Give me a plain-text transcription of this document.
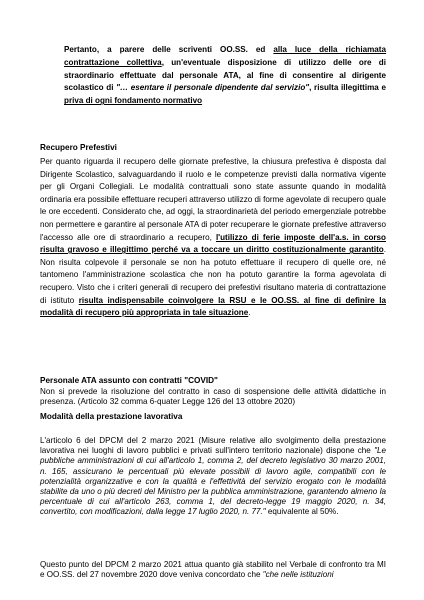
Pertanto, a parere delle scriventi OO.SS. ed alla luce della richiamata contrattazione collettiva, un'eventuale disposizione di utilizzo delle ore di straordinario effettuate dal personale ATA, al fine di consentire al dirigente scolastico di "… esentare il personale dipendente dal servizio", risulta illegittima e priva di ogni fondamento normativo

Recupero Prefestivi

Per quanto riguarda il recupero delle giornate prefestive, la chiusura prefestiva è disposta dal Dirigente Scolastico, salvaguardando il ruolo e le competenze previsti dalla normativa vigente per gli Organi Collegiali. Le modalità contrattuali sono state assunte quando in modalità ordinaria era possibile effettuare recuperi attraverso utilizzo di forme agevolate di recupero quale le ore eccedenti. Considerato che, ad oggi, la straordinarietà del periodo emergenziale potrebbe non permettere e garantire al personale ATA di poter recuperare le giornate prefestive attraverso l'accesso alle ore di straordinario a recupero, l'utilizzo di ferie imposte dell'a.s. in corso risulta gravoso e illegittimo perché va a toccare un diritto costituzionalmente garantito. Non risulta colpevole il personale se non ha potuto effettuare il recupero di quelle ore, né tantomeno l'amministrazione scolastica che non ha potuto garantire la forma agevolata di recupero. Visto che i criteri generali di recupero dei prefestivi risultano materia di contrattazione di istituto risulta indispensabile coinvolgere la RSU e le OO.SS. al fine di definire la modalità di recupero più appropriata in tale situazione.

Personale ATA assunto con contratti "COVID"

Non si prevede la risoluzione del contratto in caso di sospensione delle attività didattiche in presenza. (Articolo 32 comma 6-quater Legge 126 del 13 ottobre 2020)

Modalità della prestazione lavorativa

L'articolo 6 del DPCM del 2 marzo 2021 (Misure relative allo svolgimento della prestazione lavorativa nei luoghi di lavoro pubblici e privati sull'intero territorio nazionale) dispone che "Le pubbliche amministrazioni di cui all'articolo 1, comma 2, del decreto legislativo 30 marzo 2001, n. 165, assicurano le percentuali più elevate possibili di lavoro agile, compatibili con le potenzialità organizzative e con la qualità e l'effettività del servizio erogato con le modalità stabilite da uno o più decreti del Ministro per la pubblica amministrazione, garantendo almeno la percentuale di cui all'articolo 263, comma 1, del decreto-legge 19 maggio 2020, n. 34, convertito, con modificazioni, dalla legge 17 luglio 2020, n. 77." equivalente al 50%.

Questo punto del DPCM 2 marzo 2021 attua quanto già stabilito nel Verbale di confronto tra MI e OO.SS. del 27 novembre 2020 dove veniva concordato che "che nelle istituzioni
